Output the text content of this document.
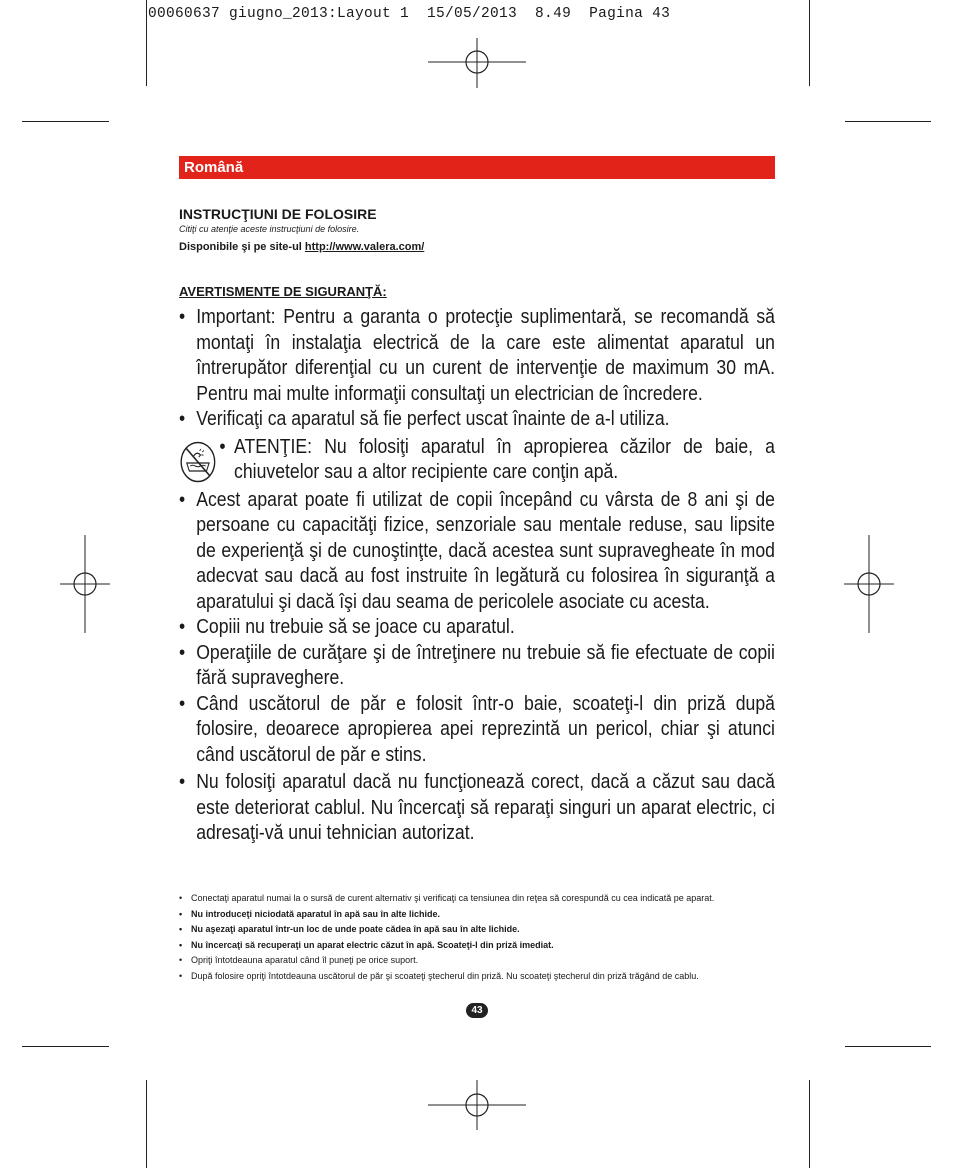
00060637 giugno_2013:Layout 1  15/05/2013  8.49  Pagina 43
Română
INSTRUCŢIUNI DE FOLOSIRE
Citiţi cu atenţie aceste instrucţiuni de folosire.
Disponibile şi pe site-ul http://www.valera.com/
AVERTISMENTE DE SIGURANŢĂ:

• Important: Pentru a garanta o protecţie suplimentară, se recomandă să montaţi în instalaţia electrică de la care este alimentat aparatul un întrerupător diferenţial cu un curent de intervenţie de maximum 30 mA. Pentru mai multe informaţii consultaţi un electrician de încredere.

• Verificaţi ca aparatul să fie perfect uscat înainte de a-l utiliza.

• ATENŢIE: Nu folosiţi aparatul în apropierea căzilor de baie, a chiuvetelor sau a altor recipiente care conţin apă.

• Acest aparat poate fi utilizat de copii începând cu vârsta de 8 ani şi de persoane cu capacităţi fizice, senzoriale sau mentale reduse, sau lipsite de experienţă şi de cunoştinţte, dacă acestea sunt supravegheate în mod adecvat sau dacă au fost instruite în legătură cu folosirea în siguranţă a aparatului şi dacă îşi dau seama de pericolele asociate cu acesta.

• Copiii nu trebuie să se joace cu aparatul.

• Operaţiile de curăţare şi de întreţinere nu trebuie să fie efectuate de copii fără supraveghere.

• Când uscătorul de păr e folosit într-o baie, scoateţi-l din priză după folosire, deoarece apropierea apei reprezintă un pericol, chiar şi atunci când uscătorul de păr e stins.

• Nu folosiţi aparatul dacă nu funcţionează corect, dacă a căzut sau dacă este deteriorat cablul. Nu încercaţi să reparaţi singuri un aparat electric, ci adresaţi-vă unui tehnician autorizat.

• Conectaţi aparatul numai la o sursă de curent alternativ şi verificaţi ca tensiunea din reţea să corespundă cu cea indicată pe aparat.

• Nu introduceţi niciodată aparatul în apă sau în alte lichide.

• Nu aşezaţi aparatul într-un loc de unde poate cădea în apă sau în alte lichide.

• Nu încercaţi să recuperaţi un aparat electric căzut în apă. Scoateţi-l din priză imediat.

• Opriţi întotdeauna aparatul când îl puneţi pe orice suport.

• După folosire opriţi întotdeauna uscătorul de păr şi scoateţi ştecherul din priză. Nu scoateţi ştecherul din priză trăgând de cablu.

43
